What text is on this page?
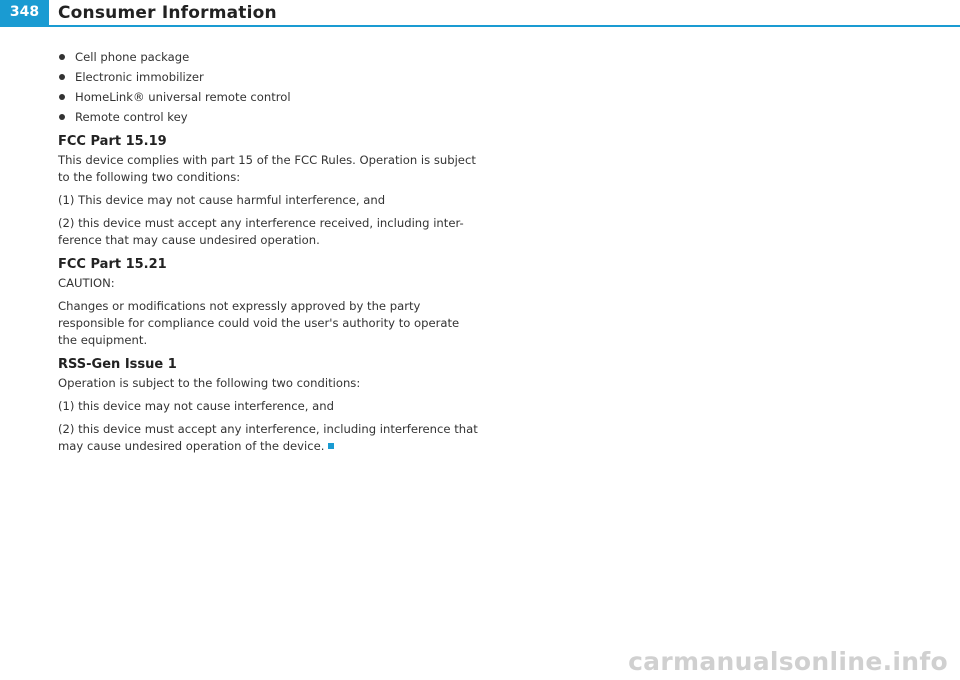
348	Consumer Information
Cell phone package
Electronic immobilizer
HomeLink® universal remote control
Remote control key
FCC Part 15.19

This device complies with part 15 of the FCC Rules. Operation is subject to the following two conditions:

(1) This device may not cause harmful interference, and

(2) this device must accept any interference received, including inter- ference that may cause undesired operation.

FCC Part 15.21

CAUTION:

Changes or modifications not expressly approved by the party responsible for compliance could void the user's authority to operate the equipment.

RSS-Gen Issue 1

Operation is subject to the following two conditions:

(1) this device may not cause interference, and

(2) this device must accept any interference, including interference that may cause undesired operation of the device.

carmanualsonline.info
